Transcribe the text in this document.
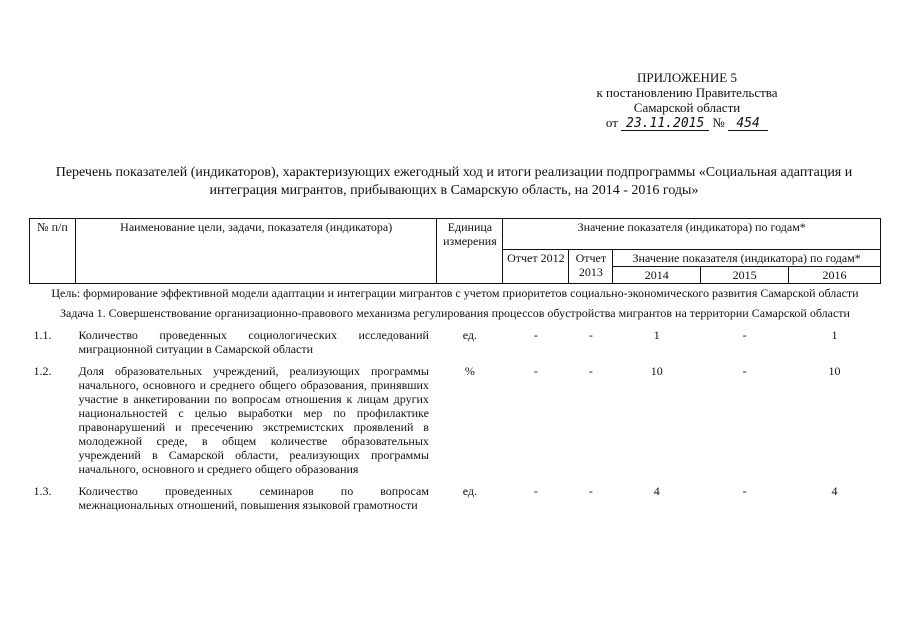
ПРИЛОЖЕНИЕ 5
к постановлению Правительства
Самарской области
от 23.11.2015 № 454
Перечень показателей (индикаторов), характеризующих ежегодный ход и итоги реализации подпрограммы «Социальная адаптация и интеграция мигрантов, прибывающих в Самарскую область, на 2014 - 2016 годы»
№ п/п	Наименование цели, задачи, показателя (индикатора)	Единица измерения	Значение показателя (индикатора) по годам*				
			Отчет 2012	Отчет 2013	Значение показателя (индикатора) по годам*		
					2014	2015	2016
Цель: формирование эффективной модели адаптации и интеграции мигрантов с учетом приоритетов социально-экономического развития Самарской области							
Задача 1. Совершенствование организационно-правового механизма регулирования процессов обустройства мигрантов на территории Самарской области							
1.1.	Количество проведенных социологических исследований миграционной ситуации в Самарской области	ед.	-	-	1	-	1
1.2.	Доля образовательных учреждений, реализующих программы начального, основного и среднего общего образования, принявших участие в анкетировании по вопросам отношения к лицам других национальностей с целью выработки мер по профилактике правонарушений и пресечению экстремистских проявлений в молодежной среде, в общем количестве образовательных учреждений в Самарской области, реализующих программы начального, основного и среднего общего образования	%	-	-	10	-	10
1.3.	Количество проведенных семинаров по вопросам межнациональных отношений, повышения языковой грамотности	ед.	-	-	4	-	4
